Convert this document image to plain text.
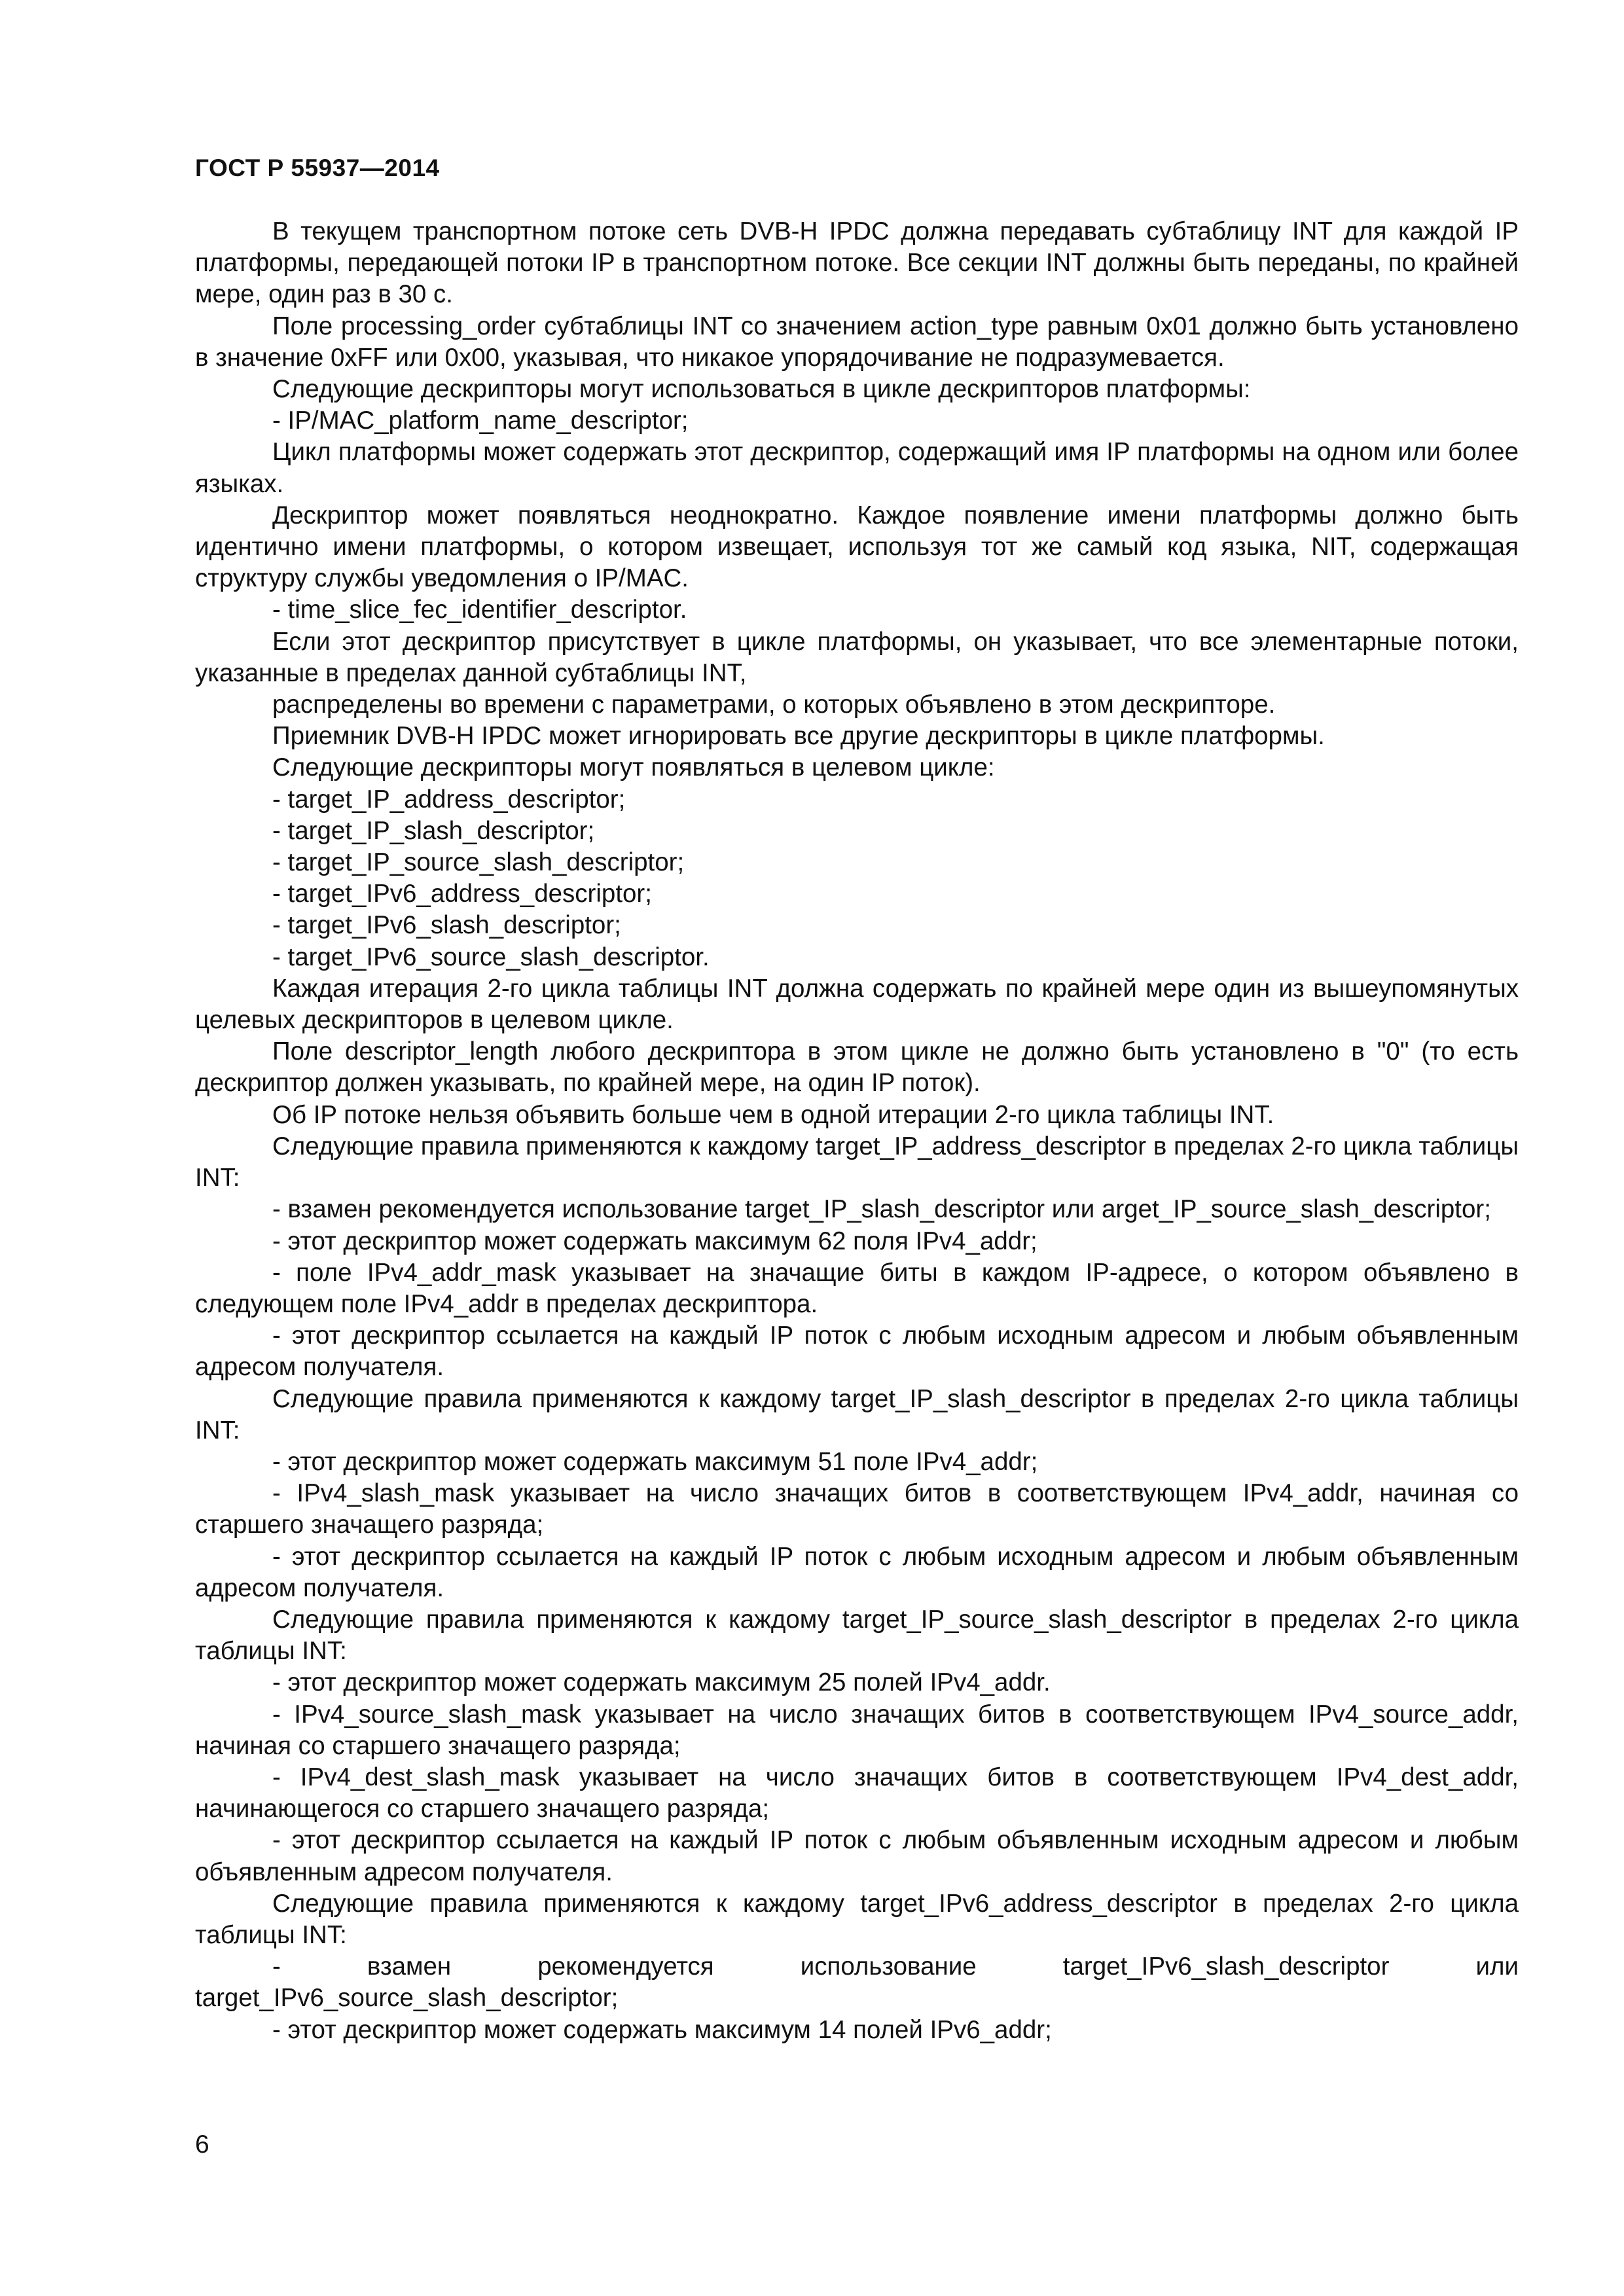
ГОСТ Р 55937—2014

В текущем транспортном потоке сеть DVB-H IPDC должна передавать субтаблицу INT для каждой IP платформы, передающей потоки IP в транспортном потоке. Все секции INT должны быть переданы, по крайней мере, один раз в 30 с.

Поле processing_order субтаблицы INT со значением action_type равным 0x01 должно быть установлено в значение 0xFF или 0x00, указывая, что никакое упорядочивание не подразумевается.

Следующие дескрипторы могут использоваться в цикле дескрипторов платформы:

- IP/MAC_platform_name_descriptor;

Цикл платформы может содержать этот дескриптор, содержащий имя IP платформы на одном или более языках.

Дескриптор может появляться неоднократно. Каждое появление имени платформы должно быть идентично имени платформы, о котором извещает, используя тот же самый код языка, NIT, содержащая структуру службы уведомления о IP/MAC.

- time_slice_fec_identifier_descriptor.

Если этот дескриптор присутствует в цикле платформы, он указывает, что все элементарные потоки, указанные в пределах данной субтаблицы INT,

распределены во времени с параметрами, о которых объявлено в этом дескрипторе.

Приемник DVB-H IPDC может игнорировать все другие дескрипторы в цикле платформы.

Следующие дескрипторы могут появляться в целевом цикле:

- target_IP_address_descriptor;

- target_IP_slash_descriptor;

- target_IP_source_slash_descriptor;

- target_IPv6_address_descriptor;

- target_IPv6_slash_descriptor;

- target_IPv6_source_slash_descriptor.

Каждая итерация 2-го цикла таблицы INT должна содержать по крайней мере один из вышеупомянутых целевых дескрипторов в целевом цикле.

Поле descriptor_length любого дескриптора в этом цикле не должно быть установлено в "0" (то есть дескриптор должен указывать, по крайней мере, на один IP поток).

Об IP потоке нельзя объявить больше чем в одной итерации 2-го цикла таблицы INT.

Следующие правила применяются к каждому target_IP_address_descriptor в пределах 2-го цикла таблицы INT:

- взамен рекомендуется использование target_IP_slash_descriptor или arget_IP_source_slash_descriptor;

- этот дескриптор может содержать максимум 62 поля IPv4_addr;

- поле IPv4_addr_mask указывает на значащие биты в каждом IP-адресе, о котором объявлено в следующем поле IPv4_addr в пределах дескриптора.

- этот дескриптор ссылается на каждый IP поток с любым исходным адресом и любым объявленным адресом получателя.

Следующие правила применяются к каждому target_IP_slash_descriptor в пределах 2-го цикла таблицы INT:

- этот дескриптор может содержать максимум 51 поле IPv4_addr;

- IPv4_slash_mask указывает на число значащих битов в соответствующем IPv4_addr, начиная со старшего значащего разряда;

- этот дескриптор ссылается на каждый IP поток с любым исходным адресом и любым объявленным адресом получателя.

Следующие правила применяются к каждому target_IP_source_slash_descriptor в пределах 2-го цикла таблицы INT:

- этот дескриптор может содержать максимум 25 полей IPv4_addr.

- IPv4_source_slash_mask указывает на число значащих битов в соответствующем IPv4_source_addr, начиная со старшего значащего разряда;

- IPv4_dest_slash_mask указывает на число значащих битов в соответствующем IPv4_dest_addr, начинающегося со старшего значащего разряда;

- этот дескриптор ссылается на каждый IP поток с любым объявленным исходным адресом и любым объявленным адресом получателя.

Следующие правила применяются к каждому target_IPv6_address_descriptor в пределах 2-го цикла таблицы INT:

- взамен рекомендуется использование target_IPv6_slash_descriptor или target_IPv6_source_slash_descriptor;

- этот дескриптор может содержать максимум 14 полей IPv6_addr;

6
